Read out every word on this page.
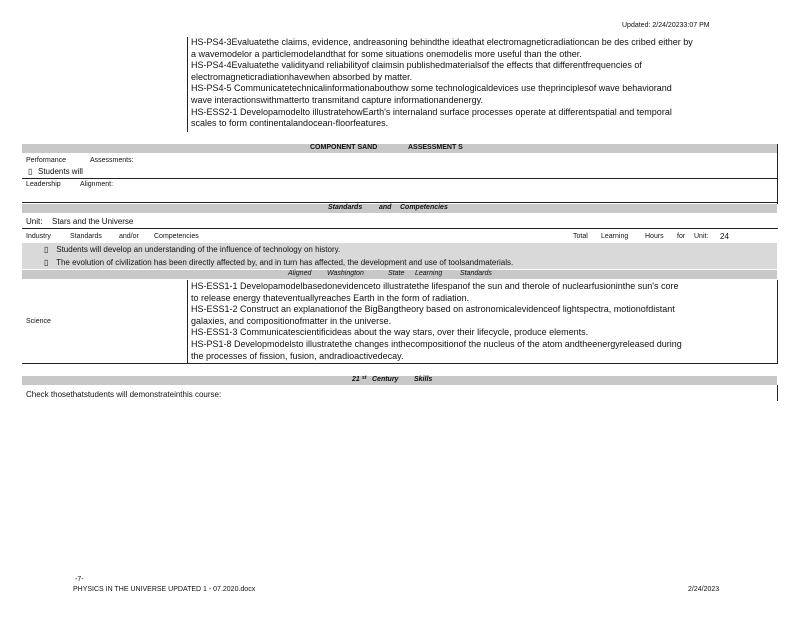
Updated: 2/24/20233:07 PM
HS-PS4-3Evaluatethe claims, evidence, andreasoning behindthe ideathat electromagneticradiationcan be des cribed either by
a wavemodelor a particlemodelandthat for some situations onemodelis more useful than the other.
HS-PS4-4Evaluatethe validityand reliabilityof claimsin publishedmaterialsof the effects that differentfrequencies of
electromagneticradiationhavewhen absorbed by matter.
HS-PS4-5 Communicatetechnicalinformationabouthow some technologicaldevices use theprinciplesof wave behaviorand
wave interactionswithmatterto transmitand capture informationandenergy.
HS-ESS2-1 Developamodelto illustratehowEarth's internaland surface processes operate at differentspatial and temporal
scales to form continentalandocean-floorfeatures.
COMPONENT SAND	ASSESSMENT S
Performance	Assessments:
▯ Students will
Leadership	Alignment:
Standards and Competencies
Unit: Stars and the Universe
Industry	Standards and/or Competencies	Total Learning Hours for Unit: 24
▯ Students will develop an understanding of the influence of technology on history.
▯ The evolution of civilization has been directly affected by, and in turn has affected, the development and use of toolsandmaterials.
Aligned Washington	State Learning	Standards
Science
HS-ESS1-1 Developamodelbasedonevidenceto illustratethe lifespanof the sun and therole of nuclearfusioninthe sun's core
to release energy thateventuallyreaches Earth in the form of radiation.
HS-ESS1-2 Construct an explanationof the BigBangtheory based on astronomicalevidenceof lightspectra, motionofdistant
galaxies, and compositionofmatter in the universe.
HS-ESS1-3 Communicatescientificideas about the way stars, over their lifecycle, produce elements.
HS-PS1-8 Developmodelsto illustratethe changes inthecompositionof the nucleus of the atom andtheenergyreleased during
the processes of fission, fusion, andradioactivedecay.
21 st Century Skills
Check thosethatstudents will demonstrateinthis course:
-7-
PHYSICS IN THE UNIVERSE UPDATED 1 - 07.2020.docx	2/24/2023
